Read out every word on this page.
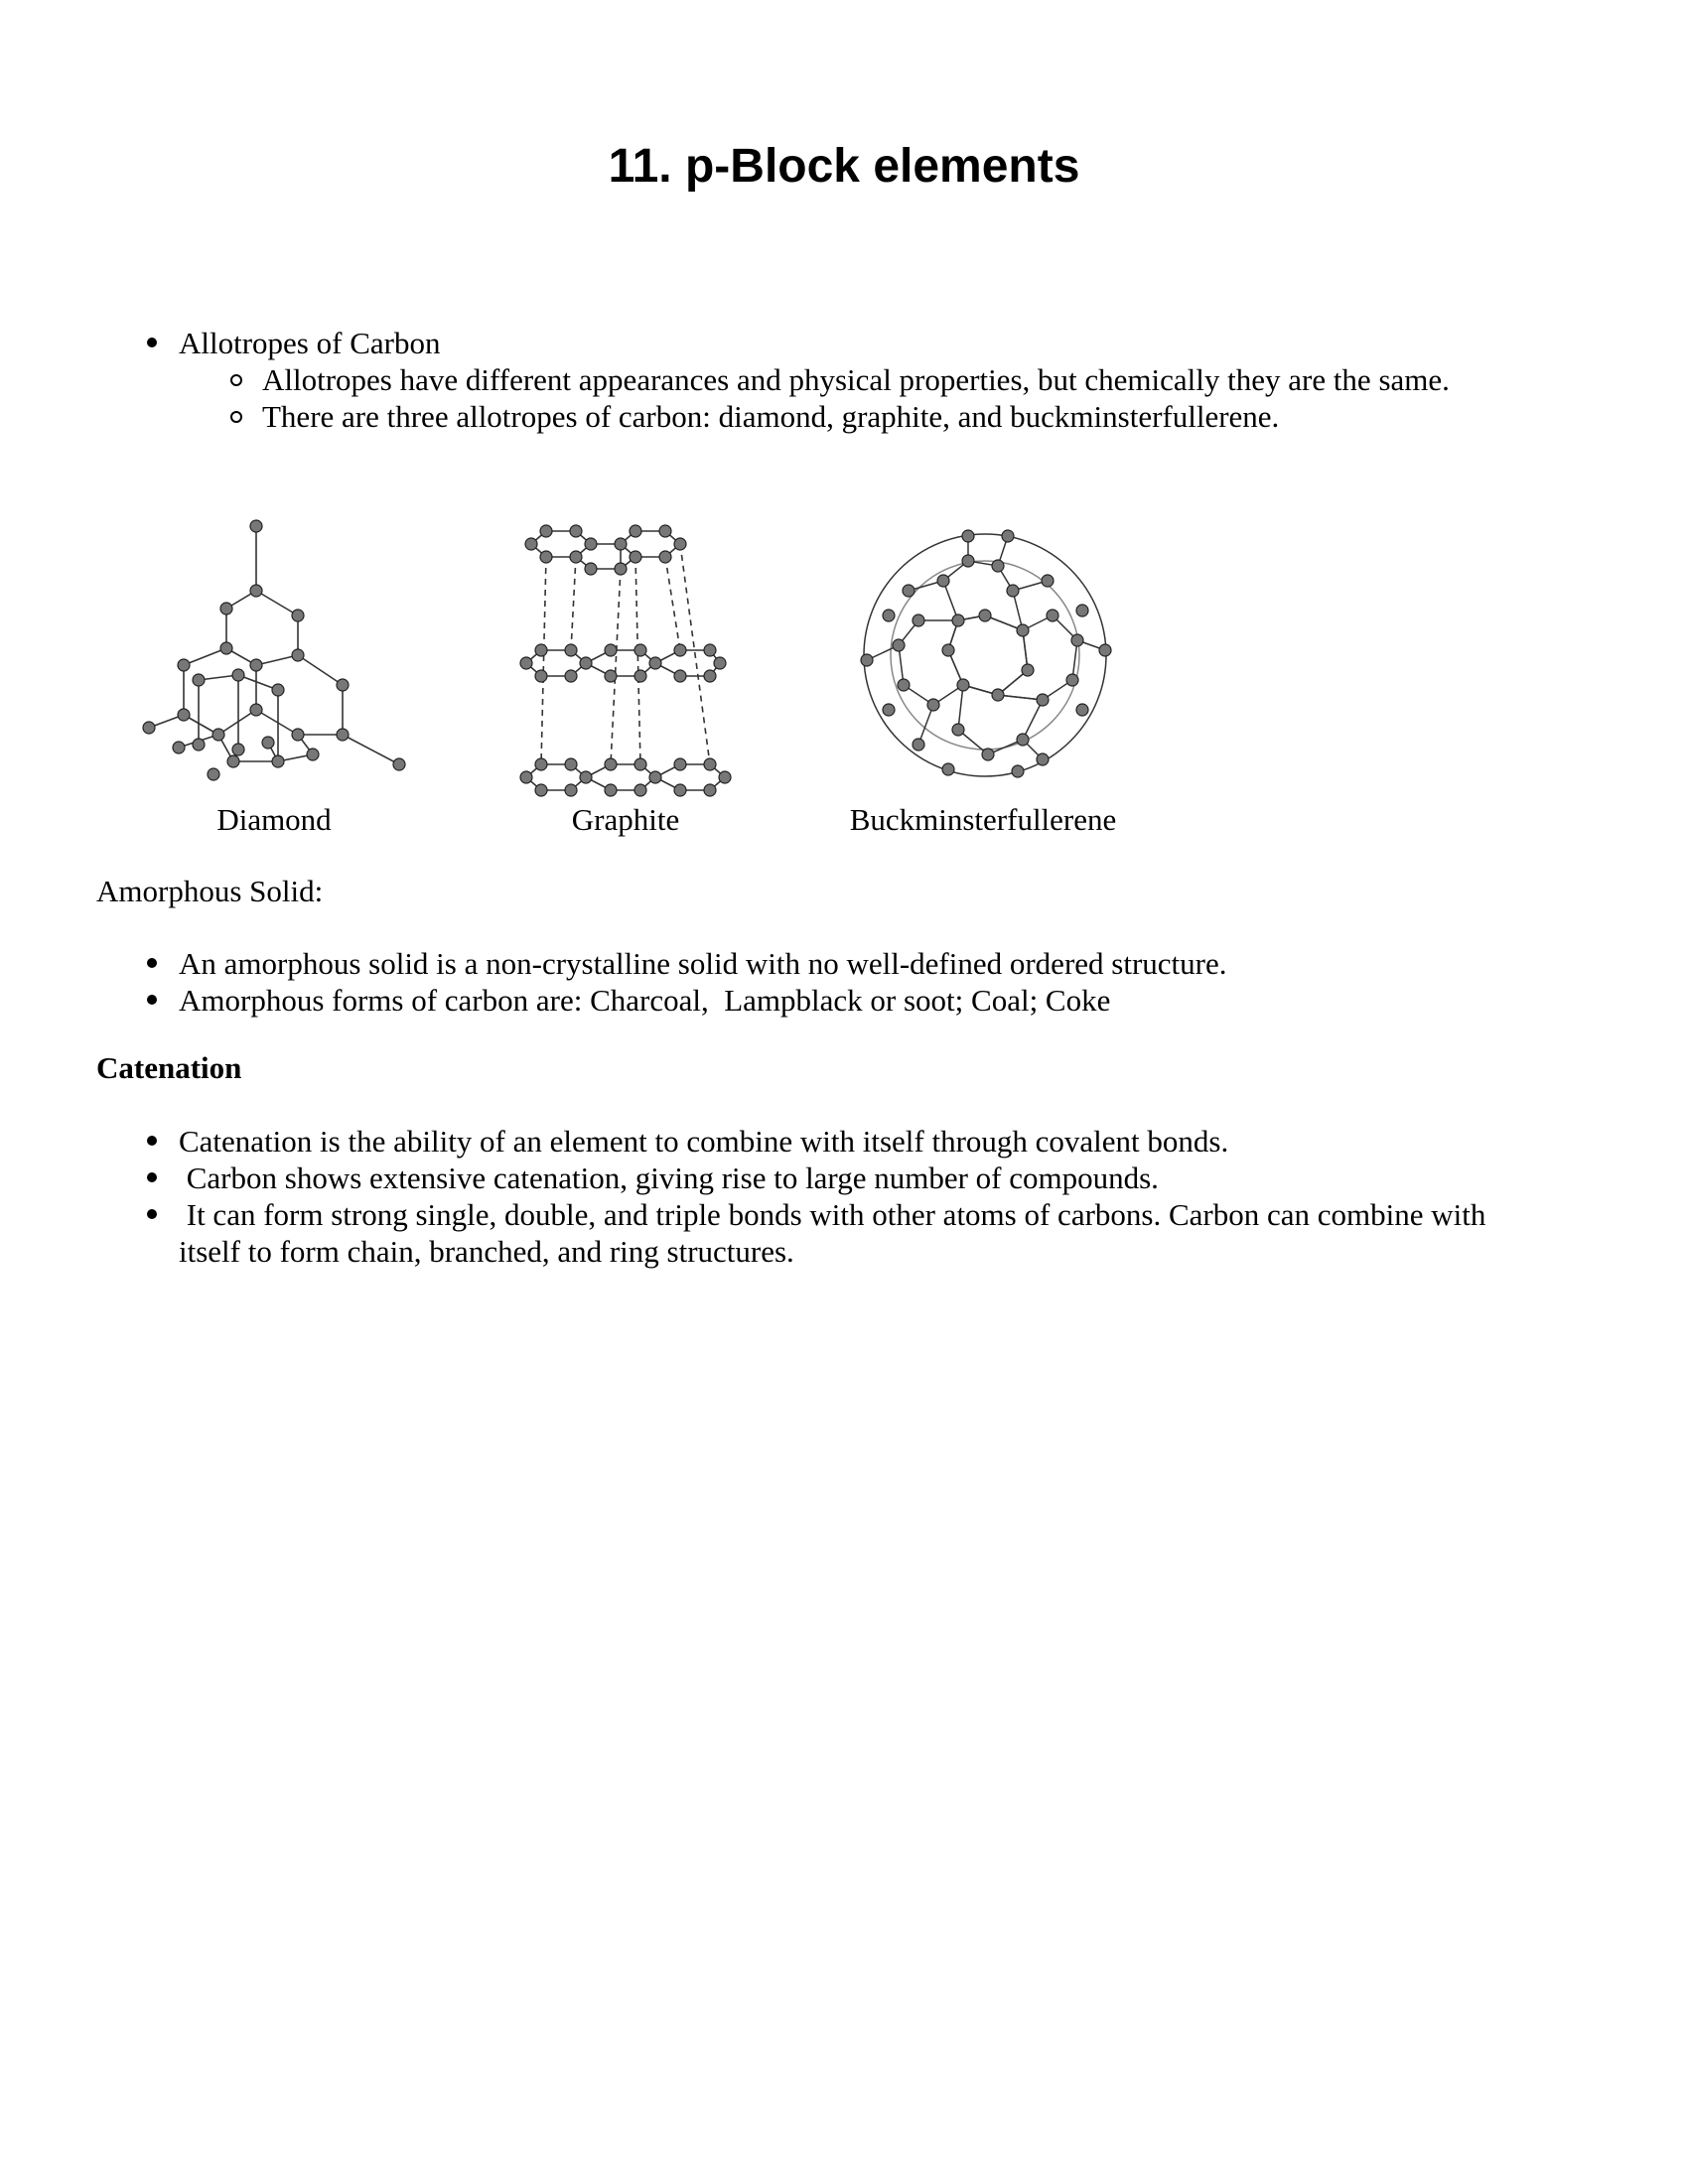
11. p-Block elements
Allotropes of Carbon
Allotropes have different appearances and physical properties, but chemically they are the same.
There are three allotropes of carbon: diamond, graphite, and buckminsterfullerene.
Diamond	Graphite	Buckminsterfullerene
Amorphous Solid:
An amorphous solid is a non-crystalline solid with no well-defined ordered structure.
Amorphous forms of carbon are: Charcoal,  Lampblack or soot; Coal; Coke
Catenation
Catenation is the ability of an element to combine with itself through covalent bonds.
Carbon shows extensive catenation, giving rise to large number of compounds.
It can form strong single, double, and triple bonds with other atoms of carbons. Carbon can combine with
itself to form chain, branched, and ring structures.
